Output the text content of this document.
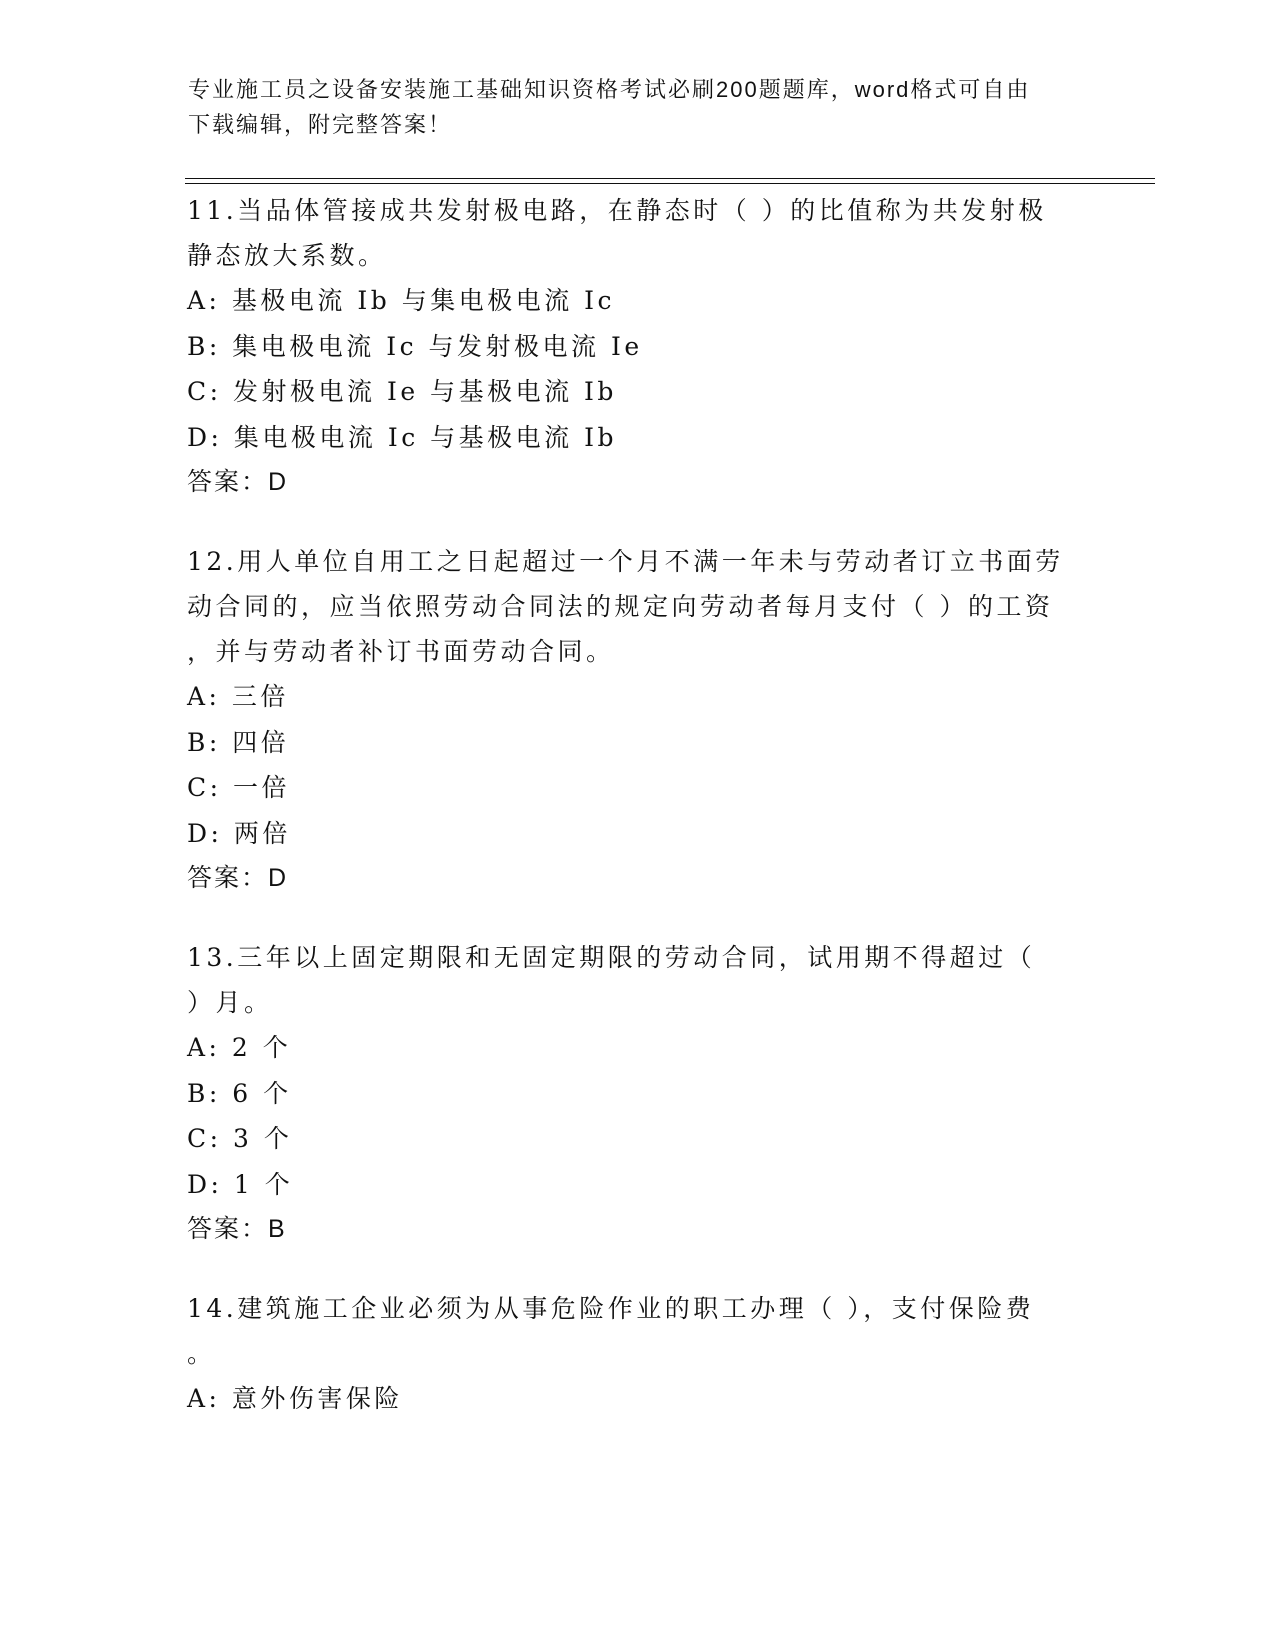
专业施工员之设备安装施工基础知识资格考试必刷200题题库，word格式可自由

下载编辑，附完整答案！

11.当品体管接成共发射极电路，在静态时（ ）的比值称为共发射极

静态放大系数。

A: 基极电流 Ib 与集电极电流 Ic

B: 集电极电流 Ic 与发射极电流 Ie

C: 发射极电流 Ie 与基极电流 Ib

D: 集电极电流 Ic 与基极电流 Ib

答案：D

12.用人单位自用工之日起超过一个月不满一年未与劳动者订立书面劳

动合同的，应当依照劳动合同法的规定向劳动者每月支付（ ）的工资

，并与劳动者补订书面劳动合同。

A: 三倍

B: 四倍

C: 一倍

D: 两倍

答案：D

13.三年以上固定期限和无固定期限的劳动合同，试用期不得超过（

）月。

A: 2 个

B: 6 个

C: 3 个

D: 1 个

答案：B

14.建筑施工企业必须为从事危险作业的职工办理（ ），支付保险费

。

A: 意外伤害保险
